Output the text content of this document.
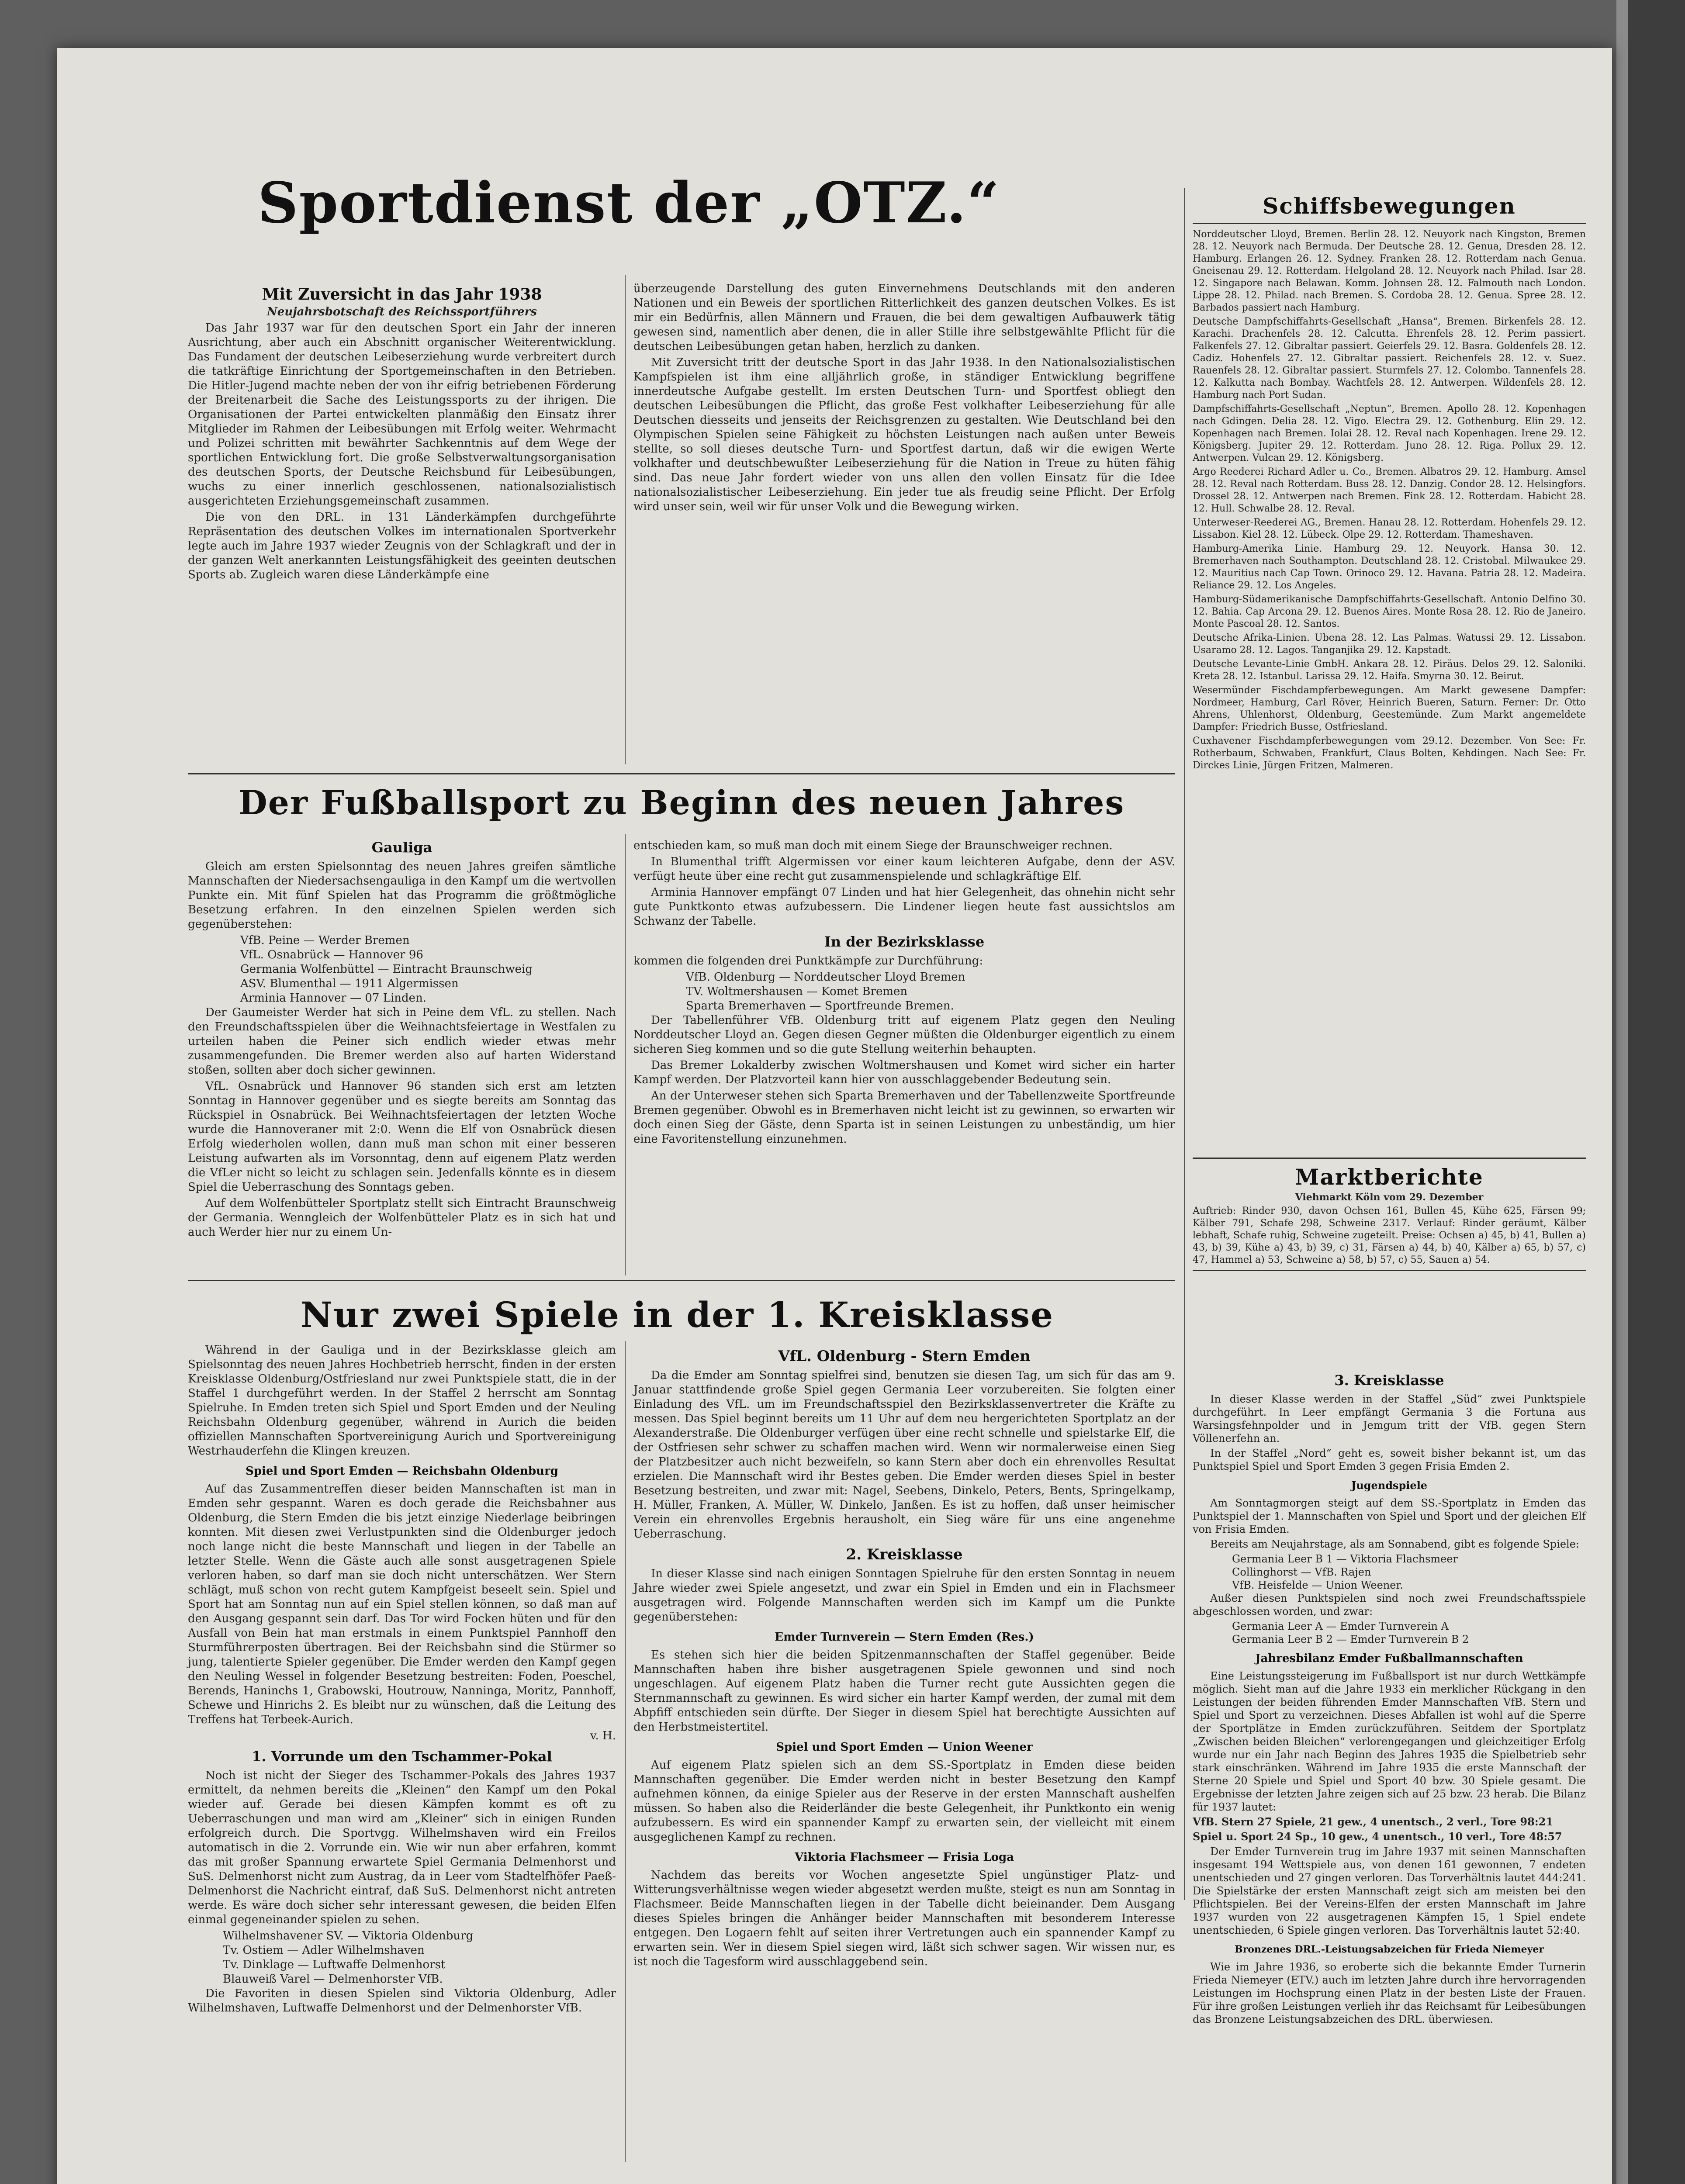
Sportdienst der „OTZ.“
Mit Zuversicht in das Jahr 1938
Neujahrsbotschaft des Reichssportführers

Das Jahr 1937 war für den deutschen Sport ein Jahr der inneren Ausrichtung, aber auch ein Abschnitt organischer Weiterentwicklung. Das Fundament der deutschen Leibeserziehung wurde verbreitert durch die tatkräftige Einrichtung der Sportgemeinschaften in den Betrieben. Die Hitler-Jugend machte neben der von ihr eifrig betriebenen Förderung der Breitenarbeit die Sache des Leistungssports zu der ihrigen. Die Organisationen der Partei entwickelten planmäßig den Einsatz ihrer Mitglieder im Rahmen der Leibesübungen mit Erfolg weiter. Wehrmacht und Polizei schritten mit bewährter Sachkenntnis auf dem Wege der sportlichen Entwicklung fort. Die große Selbstverwaltungsorganisation des deutschen Sports, der Deutsche Reichsbund für Leibesübungen, wuchs zu einer innerlich geschlossenen, nationalsozialistisch ausgerichteten Erziehungsgemeinschaft zusammen.

Die von den DRL. in 131 Länderkämpfen durchgeführte Repräsentation des deutschen Volkes im internationalen Sportverkehr legte auch im Jahre 1937 wieder Zeugnis von der Schlagkraft und der in der ganzen Welt anerkannten Leistungsfähigkeit des geeinten deutschen Sports ab. Zugleich waren diese Länderkämpfe eine

überzeugende Darstellung des guten Einvernehmens Deutschlands mit den anderen Nationen und ein Beweis der sportlichen Ritterlichkeit des ganzen deutschen Volkes. Es ist mir ein Bedürfnis, allen Männern und Frauen, die bei dem gewaltigen Aufbauwerk tätig gewesen sind, namentlich aber denen, die in aller Stille ihre selbstgewählte Pflicht für die deutschen Leibesübungen getan haben, herzlich zu danken.

Mit Zuversicht tritt der deutsche Sport in das Jahr 1938. In den Nationalsozialistischen Kampfspielen ist ihm eine alljährlich große, in ständiger Entwicklung begriffene innerdeutsche Aufgabe gestellt. Im ersten Deutschen Turn- und Sportfest obliegt den deutschen Leibesübungen die Pflicht, das große Fest volkhafter Leibeserziehung für alle Deutschen diesseits und jenseits der Reichsgrenzen zu gestalten. Wie Deutschland bei den Olympischen Spielen seine Fähigkeit zu höchsten Leistungen nach außen unter Beweis stellte, so soll dieses deutsche Turn- und Sportfest dartun, daß wir die ewigen Werte volkhafter und deutschbewußter Leibeserziehung für die Nation in Treue zu hüten fähig sind. Das neue Jahr fordert wieder von uns allen den vollen Einsatz für die Idee nationalsozialistischer Leibeserziehung. Ein jeder tue als freudig seine Pflicht. Der Erfolg wird unser sein, weil wir für unser Volk und die Bewegung wirken.

Der Fußballsport zu Beginn des neuen Jahres
Gauliga

Gleich am ersten Spielsonntag des neuen Jahres greifen sämtliche Mannschaften der Niedersachsengauliga in den Kampf um die wertvollen Punkte ein. Mit fünf Spielen hat das Programm die größtmögliche Besetzung erfahren. In den einzelnen Spielen werden sich gegenüberstehen:

VfB. Peine — Werder Bremen
VfL. Osnabrück — Hannover 96
Germania Wolfenbüttel — Eintracht Braunschweig
ASV. Blumenthal — 1911 Algermissen
Arminia Hannover — 07 Linden.

Der Gaumeister Werder hat sich in Peine dem VfL. zu stellen. Nach den Freundschaftsspielen über die Weihnachtsfeiertage in Westfalen zu urteilen haben die Peiner sich endlich wieder etwas mehr zusammengefunden. Die Bremer werden also auf harten Widerstand stoßen, sollten aber doch sicher gewinnen.

VfL. Osnabrück und Hannover 96 standen sich erst am letzten Sonntag in Hannover gegenüber und es siegte bereits am Sonntag das Rückspiel in Osnabrück. Bei Weihnachtsfeiertagen der letzten Woche wurde die Hannoveraner mit 2:0. Wenn die Elf von Osnabrück diesen Erfolg wiederholen wollen, dann muß man schon mit einer besseren Leistung aufwarten als im Vorsonntag, denn auf eigenem Platz werden die VfLer nicht so leicht zu schlagen sein. Jedenfalls könnte es in diesem Spiel die Ueberraschung des Sonntags geben.

Auf dem Wolfenbütteler Sportplatz stellt sich Eintracht Braunschweig der Germania. Wenngleich der Wolfenbütteler Platz es in sich hat und auch Werder hier nur zu einem Un-

entschieden kam, so muß man doch mit einem Siege der Braunschweiger rechnen.

In Blumenthal trifft Algermissen vor einer kaum leichteren Aufgabe, denn der ASV. verfügt heute über eine recht gut zusammenspielende und schlagkräftige Elf.

Arminia Hannover empfängt 07 Linden und hat hier Gelegenheit, das ohnehin nicht sehr gute Punktkonto etwas aufzubessern. Die Lindener liegen heute fast aussichtslos am Schwanz der Tabelle.

In der Bezirksklasse

kommen die folgenden drei Punktkämpfe zur Durchführung:

VfB. Oldenburg — Norddeutscher Lloyd Bremen
TV. Woltmershausen — Komet Bremen
Sparta Bremerhaven — Sportfreunde Bremen.

Der Tabellenführer VfB. Oldenburg tritt auf eigenem Platz gegen den Neuling Norddeutscher Lloyd an. Gegen diesen Gegner müßten die Oldenburger eigentlich zu einem sicheren Sieg kommen und so die gute Stellung weiterhin behaupten.

Das Bremer Lokalderby zwischen Woltmershausen und Komet wird sicher ein harter Kampf werden. Der Platzvorteil kann hier von ausschlaggebender Bedeutung sein.

An der Unterweser stehen sich Sparta Bremerhaven und der Tabellenzweite Sportfreunde Bremen gegenüber. Obwohl es in Bremerhaven nicht leicht ist zu gewinnen, so erwarten wir doch einen Sieg der Gäste, denn Sparta ist in seinen Leistungen zu unbeständig, um hier eine Favoritenstellung einzunehmen.

Nur zwei Spiele in der 1. Kreisklasse

Während in der Gauliga und in der Bezirksklasse gleich am Spielsonntag des neuen Jahres Hochbetrieb herrscht, finden in der ersten Kreisklasse Oldenburg/Ostfriesland nur zwei Punktspiele statt, die in der Staffel 1 durchgeführt werden. In der Staffel 2 herrscht am Sonntag Spielruhe. In Emden treten sich Spiel und Sport Emden und der Neuling Reichsbahn Oldenburg gegenüber, während in Aurich die beiden offiziellen Mannschaften Sportvereinigung Aurich und Sportvereinigung Westrhauderfehn die Klingen kreuzen.

Spiel und Sport Emden — Reichsbahn Oldenburg

Auf das Zusammentreffen dieser beiden Mannschaften ist man in Emden sehr gespannt. Waren es doch gerade die Reichsbahner aus Oldenburg, die Stern Emden die bis jetzt einzige Niederlage beibringen konnten. Mit diesen zwei Verlustpunkten sind die Oldenburger jedoch noch lange nicht die beste Mannschaft und liegen in der Tabelle an letzter Stelle. Wenn die Gäste auch alle sonst ausgetragenen Spiele verloren haben, so darf man sie doch nicht unterschätzen. Wer Stern schlägt, muß schon von recht gutem Kampfgeist beseelt sein. Spiel und Sport hat am Sonntag nun auf ein Spiel stellen können, so daß man auf den Ausgang gespannt sein darf. Das Tor wird Focken hüten und für den Ausfall von Bein hat man erstmals in einem Punktspiel Pannhoff den Sturmführerposten übertragen. Bei der Reichsbahn sind die Stürmer so jung, talentierte Spieler gegenüber. Die Emder werden den Kampf gegen den Neuling Wessel in folgender Besetzung bestreiten: Foden, Poeschel, Berends, Haninchs 1, Grabowski, Houtrouw, Nanninga, Moritz, Pannhoff, Schewe und Hinrichs 2. Es bleibt nur zu wünschen, daß die Leitung des Treffens hat Terbeek-Aurich.

v. H.
1. Vorrunde um den Tschammer-Pokal

Noch ist nicht der Sieger des Tschammer-Pokals des Jahres 1937 ermittelt, da nehmen bereits die „Kleinen“ den Kampf um den Pokal wieder auf. Gerade bei diesen Kämpfen kommt es oft zu Ueberraschungen und man wird am „Kleiner“ sich in einigen Runden erfolgreich durch. Die Sportvgg. Wilhelmshaven wird ein Freilos automatisch in die 2. Vorrunde ein. Wie wir nun aber erfahren, kommt das mit großer Spannung erwartete Spiel Germania Delmenhorst und SuS. Delmenhorst nicht zum Austrag, da in Leer vom Stadtelfhöfer Paeß-Delmenhorst die Nachricht eintraf, daß SuS. Delmenhorst nicht antreten werde. Es wäre doch sicher sehr interessant gewesen, die beiden Elfen einmal gegeneinander spielen zu sehen.

Wilhelmshavener SV. — Viktoria Oldenburg
Tv. Ostiem — Adler Wilhelmshaven
Tv. Dinklage — Luftwaffe Delmenhorst
Blauweiß Varel — Delmenhorster VfB.

Die Favoriten in diesen Spielen sind Viktoria Oldenburg, Adler Wilhelmshaven, Luftwaffe Delmenhorst und der Delmenhorster VfB.

VfL. Oldenburg - Stern Emden

Da die Emder am Sonntag spielfrei sind, benutzen sie diesen Tag, um sich für das am 9. Januar stattfindende große Spiel gegen Germania Leer vorzubereiten. Sie folgten einer Einladung des VfL. um im Freundschaftsspiel den Bezirksklassenvertreter die Kräfte zu messen. Das Spiel beginnt bereits um 11 Uhr auf dem neu hergerichteten Sportplatz an der Alexanderstraße. Die Oldenburger verfügen über eine recht schnelle und spielstarke Elf, die der Ostfriesen sehr schwer zu schaffen machen wird. Wenn wir normalerweise einen Sieg der Platzbesitzer auch nicht bezweifeln, so kann Stern aber doch ein ehrenvolles Resultat erzielen. Die Mannschaft wird ihr Bestes geben. Die Emder werden dieses Spiel in bester Besetzung bestreiten, und zwar mit: Nagel, Seebens, Dinkelo, Peters, Bents, Springelkamp, H. Müller, Franken, A. Müller, W. Dinkelo, Janßen. Es ist zu hoffen, daß unser heimischer Verein ein ehrenvolles Ergebnis herausholt, ein Sieg wäre für uns eine angenehme Ueberraschung.

2. Kreisklasse

In dieser Klasse sind nach einigen Sonntagen Spielruhe für den ersten Sonntag in neuem Jahre wieder zwei Spiele angesetzt, und zwar ein Spiel in Emden und ein in Flachsmeer ausgetragen wird. Folgende Mannschaften werden sich im Kampf um die Punkte gegenüberstehen:

Emder Turnverein — Stern Emden (Res.)

Es stehen sich hier die beiden Spitzenmannschaften der Staffel gegenüber. Beide Mannschaften haben ihre bisher ausgetragenen Spiele gewonnen und sind noch ungeschlagen. Auf eigenem Platz haben die Turner recht gute Aussichten gegen die Sternmannschaft zu gewinnen. Es wird sicher ein harter Kampf werden, der zumal mit dem Abpfiff entschieden sein dürfte. Der Sieger in diesem Spiel hat berechtigte Aussichten auf den Herbstmeistertitel.

Spiel und Sport Emden — Union Weener

Auf eigenem Platz spielen sich an dem SS.-Sportplatz in Emden diese beiden Mannschaften gegenüber. Die Emder werden nicht in bester Besetzung den Kampf aufnehmen können, da einige Spieler aus der Reserve in der ersten Mannschaft aushelfen müssen. So haben also die Reiderländer die beste Gelegenheit, ihr Punktkonto ein wenig aufzubessern. Es wird ein spannender Kampf zu erwarten sein, der vielleicht mit einem ausgeglichenen Kampf zu rechnen.

Viktoria Flachsmeer — Frisia Loga

Nachdem das bereits vor Wochen angesetzte Spiel ungünstiger Platz- und Witterungsverhältnisse wegen wieder abgesetzt werden mußte, steigt es nun am Sonntag in Flachsmeer. Beide Mannschaften liegen in der Tabelle dicht beieinander. Dem Ausgang dieses Spieles bringen die Anhänger beider Mannschaften mit besonderem Interesse entgegen. Den Logaern fehlt auf seiten ihrer Vertretungen auch ein spannender Kampf zu erwarten sein. Wer in diesem Spiel siegen wird, läßt sich schwer sagen. Wir wissen nur, es ist noch die Tagesform wird ausschlaggebend sein.

Schiffsbewegungen

Norddeutscher Lloyd, Bremen. Berlin 28. 12. Neuyork nach Kingston, Bremen 28. 12. Neuyork nach Bermuda. Der Deutsche 28. 12. Genua, Dresden 28. 12. Hamburg. Erlangen 26. 12. Sydney. Franken 28. 12. Rotterdam nach Genua. Gneisenau 29. 12. Rotterdam. Helgoland 28. 12. Neuyork nach Philad. Isar 28. 12. Singapore nach Belawan. Komm. Johnsen 28. 12. Falmouth nach London. Lippe 28. 12. Philad. nach Bremen. S. Cordoba 28. 12. Genua. Spree 28. 12. Barbados passiert nach Hamburg.

Deutsche Dampfschiffahrts-Gesellschaft „Hansa“, Bremen. Birkenfels 28. 12. Karachi. Drachenfels 28. 12. Calcutta. Ehrenfels 28. 12. Perim passiert. Falkenfels 27. 12. Gibraltar passiert. Geierfels 29. 12. Basra. Goldenfels 28. 12. Cadiz. Hohenfels 27. 12. Gibraltar passiert. Reichenfels 28. 12. v. Suez. Rauenfels 28. 12. Gibraltar passiert. Sturmfels 27. 12. Colombo. Tannenfels 28. 12. Kalkutta nach Bombay. Wachtfels 28. 12. Antwerpen. Wildenfels 28. 12. Hamburg nach Port Sudan.

Dampfschiffahrts-Gesellschaft „Neptun“, Bremen. Apollo 28. 12. Kopenhagen nach Gdingen. Delia 28. 12. Vigo. Electra 29. 12. Gothenburg. Elin 29. 12. Kopenhagen nach Bremen. Iolai 28. 12. Reval nach Kopenhagen. Irene 29. 12. Königsberg. Jupiter 29. 12. Rotterdam. Juno 28. 12. Riga. Pollux 29. 12. Antwerpen. Vulcan 29. 12. Königsberg.

Argo Reederei Richard Adler u. Co., Bremen. Albatros 29. 12. Hamburg. Amsel 28. 12. Reval nach Rotterdam. Buss 28. 12. Danzig. Condor 28. 12. Helsingfors. Drossel 28. 12. Antwerpen nach Bremen. Fink 28. 12. Rotterdam. Habicht 28. 12. Hull. Schwalbe 28. 12. Reval.

Unterweser-Reederei AG., Bremen. Hanau 28. 12. Rotterdam. Hohenfels 29. 12. Lissabon. Kiel 28. 12. Lübeck. Olpe 29. 12. Rotterdam. Thameshaven.

Hamburg-Amerika Linie. Hamburg 29. 12. Neuyork. Hansa 30. 12. Bremerhaven nach Southampton. Deutschland 28. 12. Cristobal. Milwaukee 29. 12. Mauritius nach Cap Town. Orinoco 29. 12. Havana. Patria 28. 12. Madeira. Reliance 29. 12. Los Angeles.

Hamburg-Südamerikanische Dampfschiffahrts-Gesellschaft. Antonio Delfino 30. 12. Bahia. Cap Arcona 29. 12. Buenos Aires. Monte Rosa 28. 12. Rio de Janeiro. Monte Pascoal 28. 12. Santos.

Deutsche Afrika-Linien. Ubena 28. 12. Las Palmas. Watussi 29. 12. Lissabon. Usaramo 28. 12. Lagos. Tanganjika 29. 12. Kapstadt.

Deutsche Levante-Linie GmbH. Ankara 28. 12. Piräus. Delos 29. 12. Saloniki. Kreta 28. 12. Istanbul. Larissa 29. 12. Haifa. Smyrna 30. 12. Beirut.

Wesermünder Fischdampferbewegungen. Am Markt gewesene Dampfer: Nordmeer, Hamburg, Carl Röver, Heinrich Bueren, Saturn. Ferner: Dr. Otto Ahrens, Uhlenhorst, Oldenburg, Geestemünde. Zum Markt angemeldete Dampfer: Friedrich Busse, Ostfriesland.

Cuxhavener Fischdampferbewegungen vom 29.12. Dezember. Von See: Fr. Rotherbaum, Schwaben, Frankfurt, Claus Bolten, Kehdingen. Nach See: Fr. Dirckes Linie, Jürgen Fritzen, Malmeren.

Marktberichte
Viehmarkt Köln vom 29. Dezember

Auftrieb: Rinder 930, davon Ochsen 161, Bullen 45, Kühe 625, Färsen 99; Kälber 791, Schafe 298, Schweine 2317. Verlauf: Rinder geräumt, Kälber lebhaft, Schafe ruhig, Schweine zugeteilt. Preise: Ochsen a) 45, b) 41, Bullen a) 43, b) 39, Kühe a) 43, b) 39, c) 31, Färsen a) 44, b) 40, Kälber a) 65, b) 57, c) 47, Hammel a) 53, Schweine a) 58, b) 57, c) 55, Sauen a) 54.

3. Kreisklasse

In dieser Klasse werden in der Staffel „Süd“ zwei Punktspiele durchgeführt. In Leer empfängt Germania 3 die Fortuna aus Warsingsfehnpolder und in Jemgum tritt der VfB. gegen Stern Völlenerfehn an.

In der Staffel „Nord“ geht es, soweit bisher bekannt ist, um das Punktspiel Spiel und Sport Emden 3 gegen Frisia Emden 2.

Jugendspiele

Am Sonntagmorgen steigt auf dem SS.-Sportplatz in Emden das Punktspiel der 1. Mannschaften von Spiel und Sport und der gleichen Elf von Frisia Emden.

Bereits am Neujahrstage, als am Sonnabend, gibt es folgende Spiele:

Germania Leer B 1 — Viktoria Flachsmeer
Collinghorst — VfB. Rajen
VfB. Heisfelde — Union Weener.

Außer diesen Punktspielen sind noch zwei Freundschaftsspiele abgeschlossen worden, und zwar:

Germania Leer A — Emder Turnverein A
Germania Leer B 2 — Emder Turnverein B 2
Jahresbilanz Emder Fußballmannschaften

Eine Leistungssteigerung im Fußballsport ist nur durch Wettkämpfe möglich. Sieht man auf die Jahre 1933 ein merklicher Rückgang in den Leistungen der beiden führenden Emder Mannschaften VfB. Stern und Spiel und Sport zu verzeichnen. Dieses Abfallen ist wohl auf die Sperre der Sportplätze in Emden zurückzuführen. Seitdem der Sportplatz „Zwischen beiden Bleichen“ verlorengegangen und gleichzeitiger Erfolg wurde nur ein Jahr nach Beginn des Jahres 1935 die Spielbetrieb sehr stark einschränken. Während im Jahre 1935 die erste Mannschaft der Sterne 20 Spiele und Spiel und Sport 40 bzw. 30 Spiele gesamt. Die Ergebnisse der letzten Jahre zeigen sich auf 25 bzw. 23 herab. Die Bilanz für 1937 lautet:

VfB. Stern 27 Spiele, 21 gew., 4 unentsch., 2 verl., Tore 98:21
Spiel u. Sport 24 Sp., 10 gew., 4 unentsch., 10 verl., Tore 48:57

Der Emder Turnverein trug im Jahre 1937 mit seinen Mannschaften insgesamt 194 Wettspiele aus, von denen 161 gewonnen, 7 endeten unentschieden und 27 gingen verloren. Das Torverhältnis lautet 444:241. Die Spielstärke der ersten Mannschaft zeigt sich am meisten bei den Pflichtspielen. Bei der Vereins-Elfen der ersten Mannschaft im Jahre 1937 wurden von 22 ausgetragenen Kämpfen 15, 1 Spiel endete unentschieden, 6 Spiele gingen verloren. Das Torverhältnis lautet 52:40.

Bronzenes DRL.-Leistungsabzeichen für Frieda Niemeyer

Wie im Jahre 1936, so eroberte sich die bekannte Emder Turnerin Frieda Niemeyer (ETV.) auch im letzten Jahre durch ihre hervorragenden Leistungen im Hochsprung einen Platz in der besten Liste der Frauen. Für ihre großen Leistungen verlieh ihr das Reichsamt für Leibesübungen das Bronzene Leistungsabzeichen des DRL. überwiesen.
